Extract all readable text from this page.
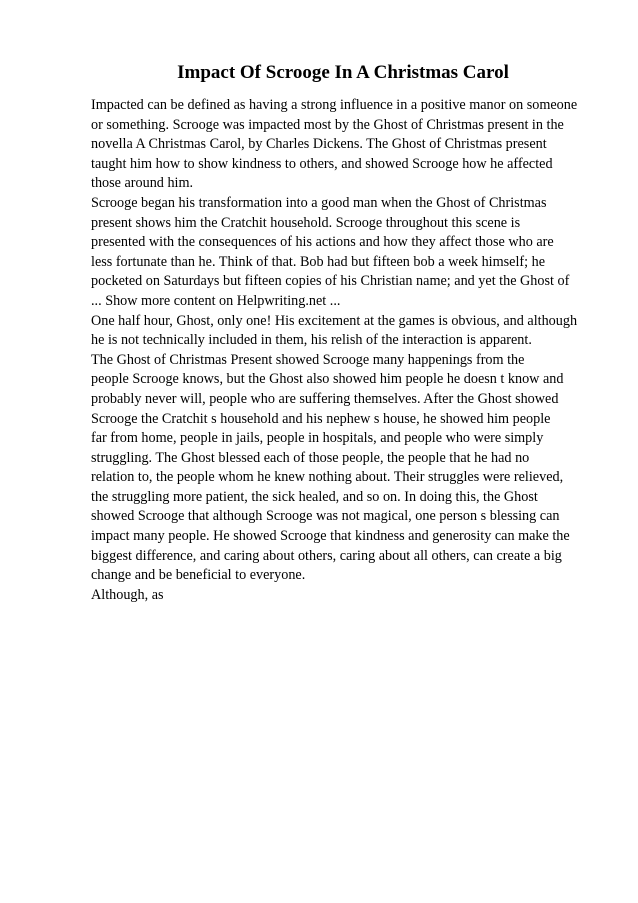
Impact Of Scrooge In A Christmas Carol
Impacted can be defined as having a strong influence in a positive manor on someone
or something. Scrooge was impacted most by the Ghost of Christmas present in the
novella A Christmas Carol, by Charles Dickens. The Ghost of Christmas present
taught him how to show kindness to others, and showed Scrooge how he affected
those around him.
Scrooge began his transformation into a good man when the Ghost of Christmas
present shows him the Cratchit household. Scrooge throughout this scene is
presented with the consequences of his actions and how they affect those who are
less fortunate than he. Think of that. Bob had but fifteen bob a week himself; he
pocketed on Saturdays but fifteen copies of his Christian name; and yet the Ghost of
... Show more content on Helpwriting.net ...
One half hour, Ghost, only one! His excitement at the games is obvious, and although
he is not technically included in them, his relish of the interaction is apparent.
The Ghost of Christmas Present showed Scrooge many happenings from the
people Scrooge knows, but the Ghost also showed him people he doesn t know and
probably never will, people who are suffering themselves. After the Ghost showed
Scrooge the Cratchit s household and his nephew s house, he showed him people
far from home, people in jails, people in hospitals, and people who were simply
struggling. The Ghost blessed each of those people, the people that he had no
relation to, the people whom he knew nothing about. Their struggles were relieved,
the struggling more patient, the sick healed, and so on. In doing this, the Ghost
showed Scrooge that although Scrooge was not magical, one person s blessing can
impact many people. He showed Scrooge that kindness and generosity can make the
biggest difference, and caring about others, caring about all others, can create a big
change and be beneficial to everyone.
Although, as
